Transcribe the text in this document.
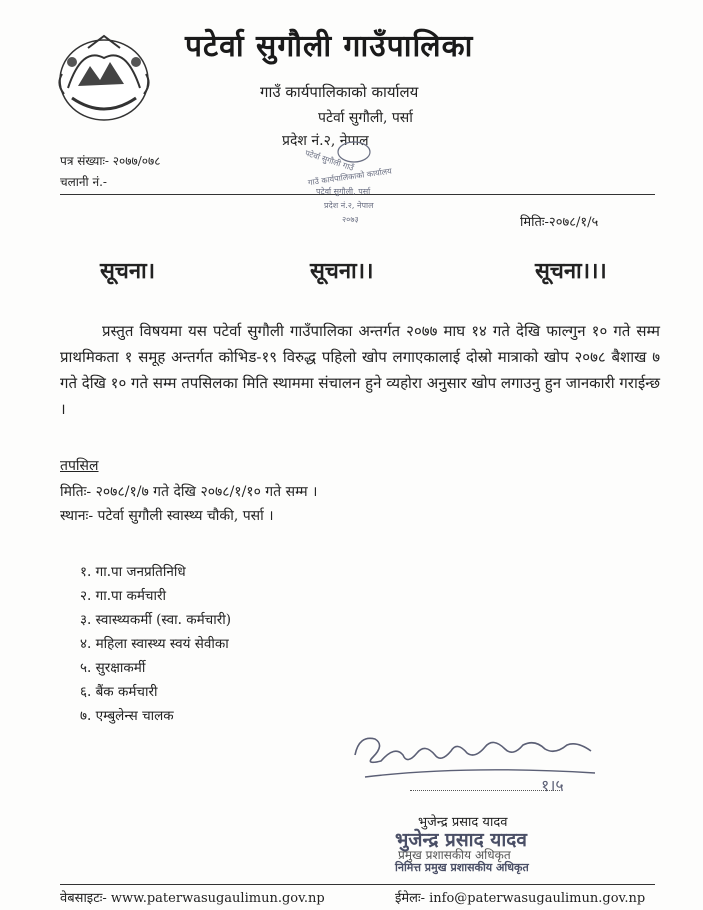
पटेर्वा सुगौली गाउँपालिका
गाउँ कार्यपालिकाको कार्यालय
पटेर्वा सुगौली, पर्सा
प्रदेश नं.२, नेपाल
पत्र संख्याः- २०७७/०७८
चलानी नं.-
पटेर्वा सुगौली गाउँ
गाउँ कार्यपालिकाको कार्यालय
पटेर्वा सुगौली, पर्सा
प्रदेश नं.२, नेपाल
२०७३	मितिः-२०७८/१/५
सूचना।	सूचना।।	सूचना।।।
प्रस्तुत विषयमा यस पटेर्वा सुगौली गाउँपालिका अन्तर्गत २०७७ माघ १४ गते देखि फाल्गुन १० गते सम्म प्राथमिकता १ समूह अन्तर्गत कोभिड-१९ विरुद्ध पहिलो खोप लगाएकालाई दोस्रो मात्राको खोप २०७८ बैशाख ७ गते देखि १० गते सम्म तपसिलका मिति स्थाममा संचालन हुने व्यहोरा अनुसार खोप लगाउनु हुन जानकारी गराईन्छ ।
तपसिल
मितिः- २०७८/१/७ गते देखि २०७८/१/१० गते सम्म ।
स्थानः- पटेर्वा सुगौली स्वास्थ्य चौकी, पर्सा ।
१. गा.पा जनप्रतिनिधि
२. गा.पा कर्मचारी
३. स्वास्थ्यकर्मी (स्वा. कर्मचारी)
४. महिला स्वास्थ्य स्वयं सेवीका
५. सुरक्षाकर्मी
६. बैंक कर्मचारी
७. एम्बुलेन्स चालक
१।५
भुजेन्द्र प्रसाद यादव
प्रमुख प्रशासकीय अधिकृत
भुजेन्द्र प्रसाद यादव
निमित्त प्रमुख प्रशासकीय अधिकृत
वेबसाइटः- www.paterwasugaulimun.gov.np	ईमेलः- info@paterwasugaulimun.gov.np
